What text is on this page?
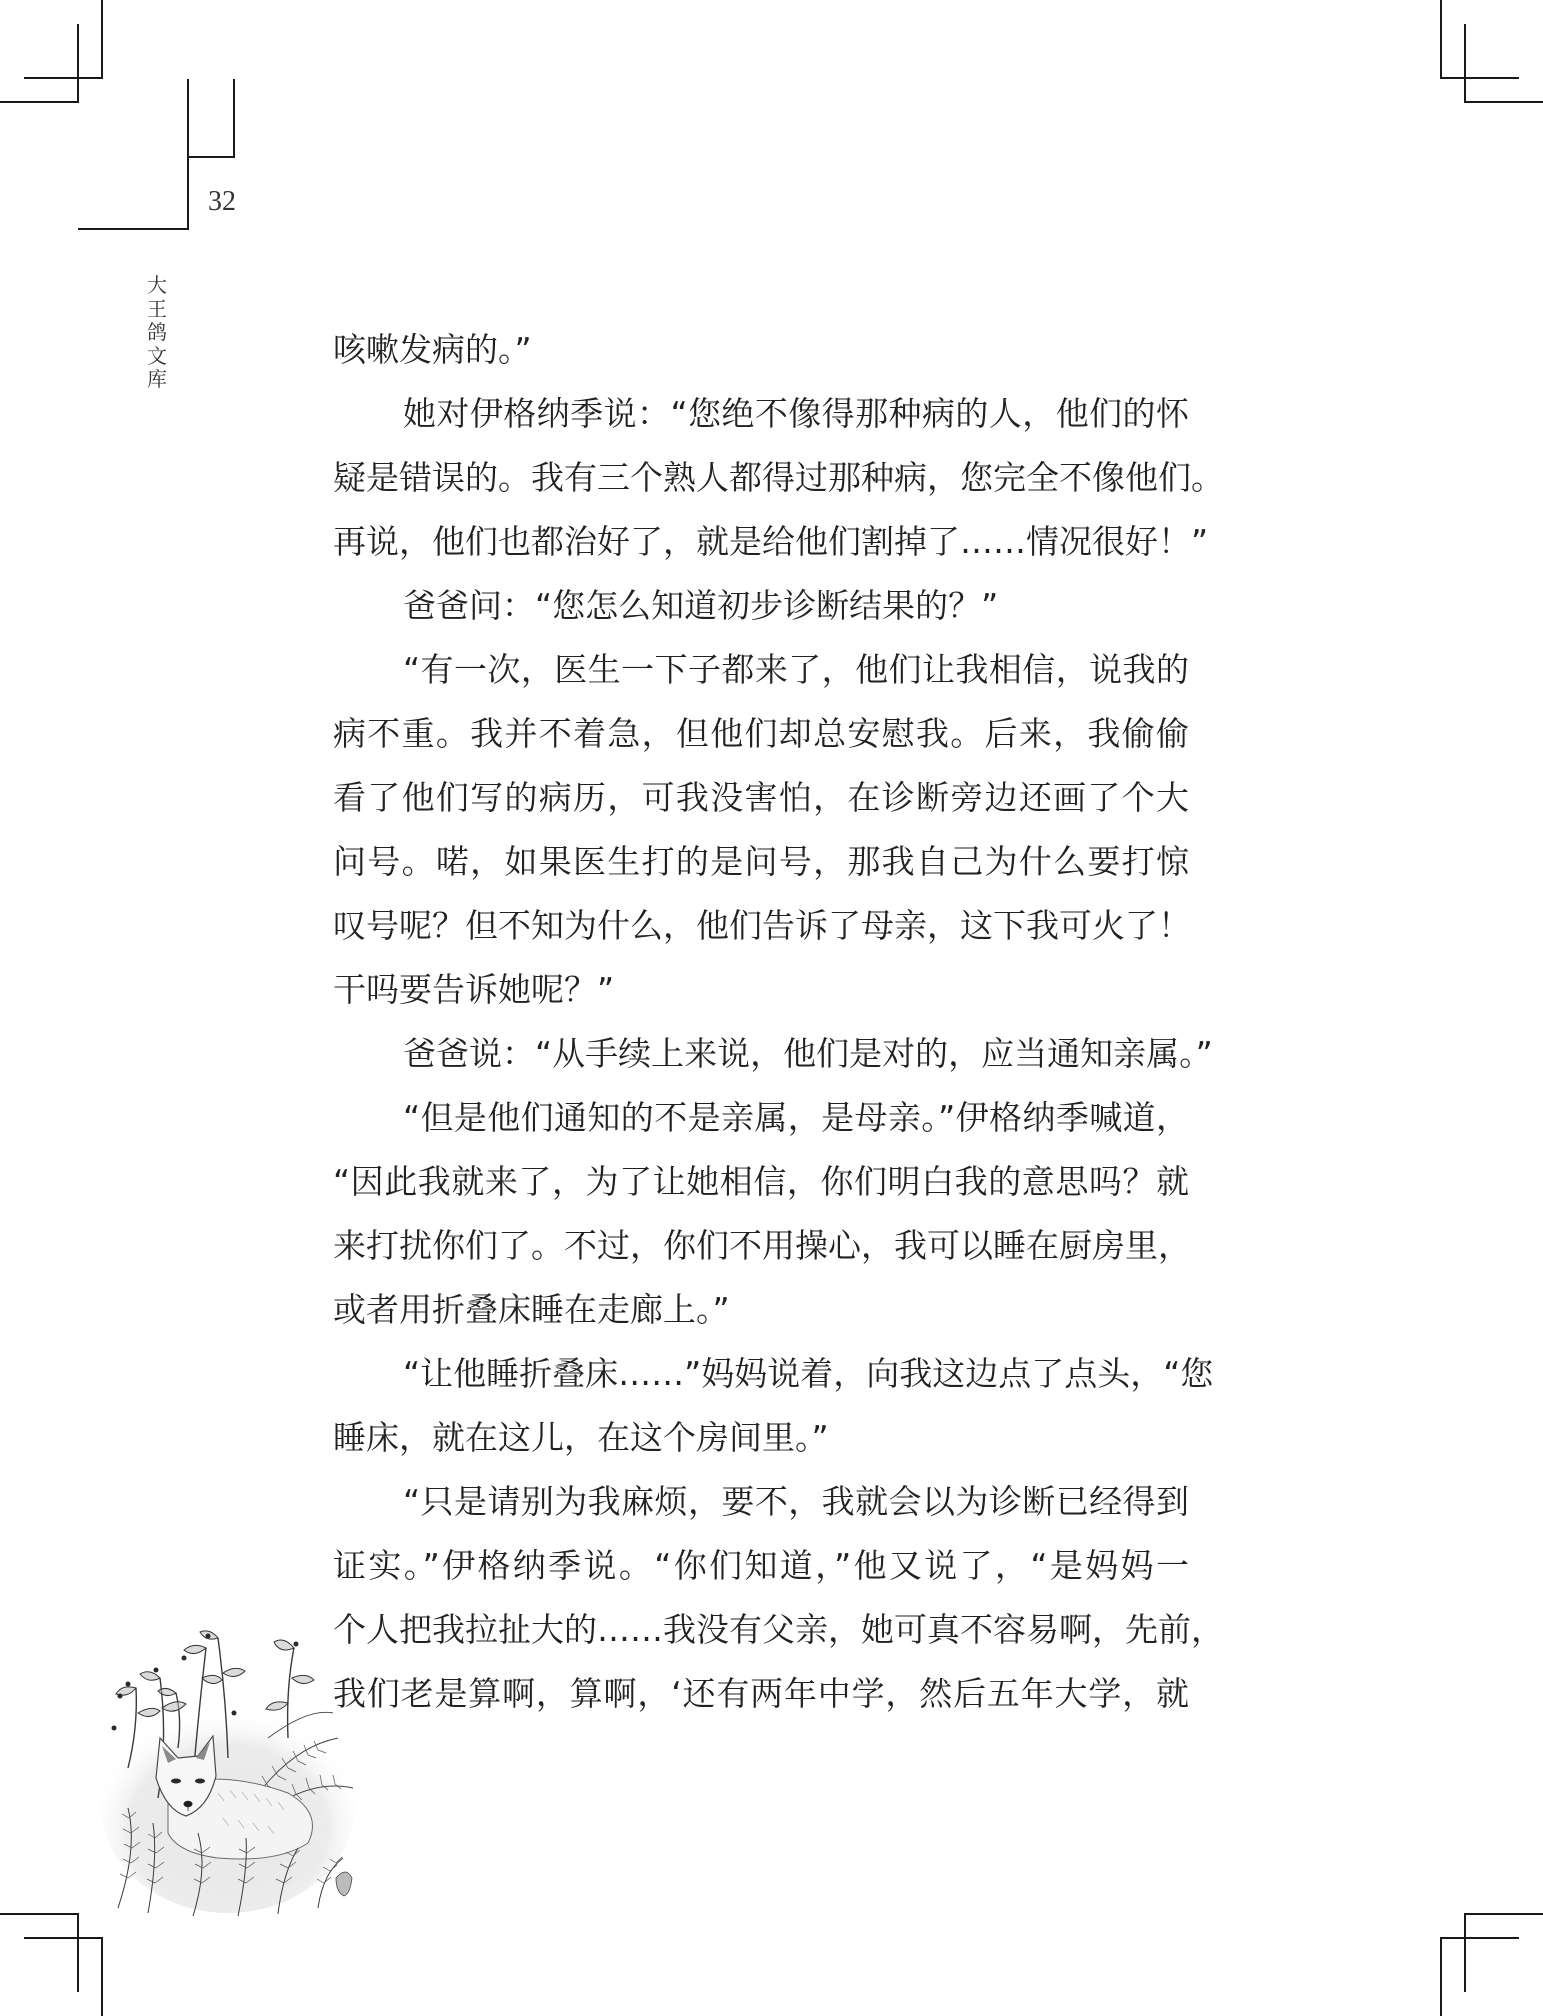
32
大
王
鸽
文
库
咳嗽发病的。”
她对伊格纳季说：“您绝不像得那种病的人，他们的怀
疑是错误的。我有三个熟人都得过那种病，您完全不像他们。
再说，他们也都治好了，就是给他们割掉了……情况很好！”
爸爸问：“您怎么知道初步诊断结果的？”
“有一次，医生一下子都来了，他们让我相信，说我的
病不重。我并不着急，但他们却总安慰我。后来，我偷偷
看了他们写的病历，可我没害怕，在诊断旁边还画了个大
问号。喏，如果医生打的是问号，那我自己为什么要打惊
叹号呢？但不知为什么，他们告诉了母亲，这下我可火了！
干吗要告诉她呢？”
爸爸说：“从手续上来说，他们是对的，应当通知亲属。”
“但是他们通知的不是亲属，是母亲。”伊格纳季喊道，
“因此我就来了，为了让她相信，你们明白我的意思吗？就
来打扰你们了。不过，你们不用操心，我可以睡在厨房里，
或者用折叠床睡在走廊上。”
“让他睡折叠床……”妈妈说着，向我这边点了点头，“您
睡床，就在这儿，在这个房间里。”
“只是请别为我麻烦，要不，我就会以为诊断已经得到
证实。”伊格纳季说。“你们知道，”他又说了，“是妈妈一
个人把我拉扯大的……我没有父亲，她可真不容易啊，先前，
我们老是算啊，算啊，‘还有两年中学，然后五年大学，就
